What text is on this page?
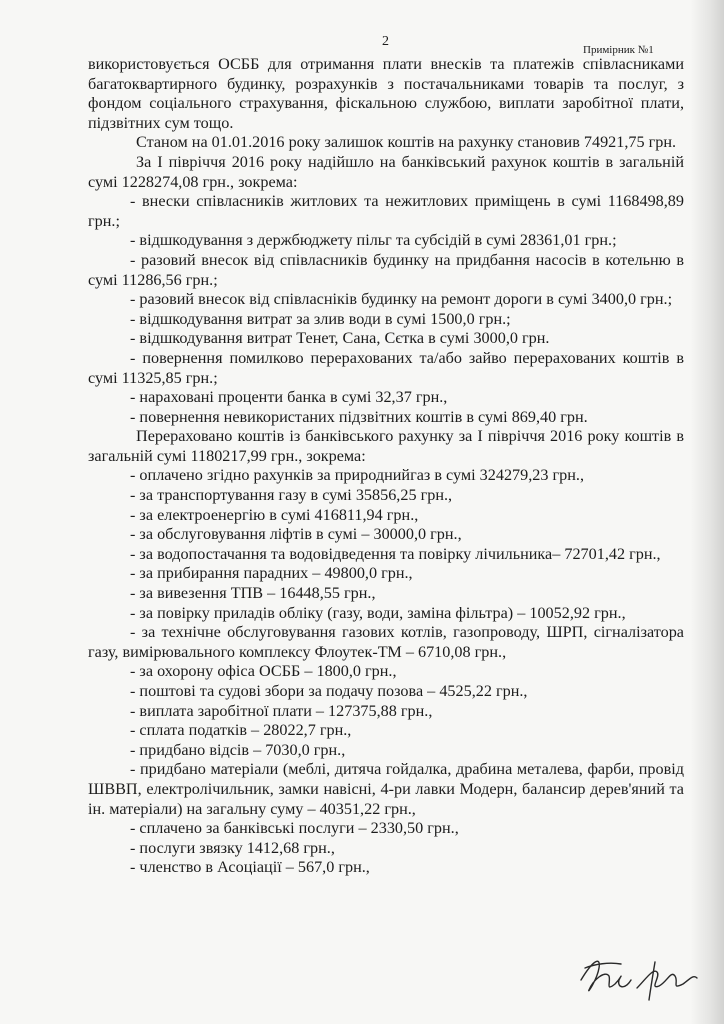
2
Примірник №1

використовується ОСББ для отримання плати внесків та платежів співласниками багатоквартирного будинку, розрахунків з постачальниками товарів та послуг, з фондом соціального страхування, фіскальною службою, виплати заробітної плати, підзвітних сум тощо.

Станом на 01.01.2016 року залишок коштів на рахунку становив 74921,75 грн.

За І півріччя 2016 року надійшло на банківський рахунок коштів в загальній сумі 1228274,08 грн., зокрема:

- внески співласників житлових та нежитлових приміщень в сумі 1168498,89 грн.;

- відшкодування з держбюджету пільг та субсідій в сумі 28361,01 грн.;

- разовий внесок від співласників будинку на придбання насосів в котельню в сумі 11286,56 грн.;

- разовий внесок від співласніків будинку на ремонт дороги в сумі 3400,0 грн.;

- відшкодування витрат за злив води в сумі 1500,0 грн.;

- відшкодування витрат Тенет, Сана, Сєтка в сумі 3000,0 грн.

- повернення помилково перерахованих та/або зайво перерахованих коштів в сумі 11325,85 грн.;

- нараховані проценти банка в сумі 32,37 грн.,

- повернення невикористаних підзвітних коштів в сумі 869,40 грн.

Перераховано коштів із банківського рахунку за І півріччя 2016 року коштів в загальній сумі 1180217,99 грн., зокрема:

- оплачено згідно рахунків за природнийгаз в сумі 324279,23 грн.,

- за транспортування газу в сумі 35856,25 грн.,

- за електроенергію в сумі 416811,94 грн.,

- за обслуговування ліфтів в сумі – 30000,0 грн.,

- за водопостачання та водовідведення та повірку лічильника– 72701,42 грн.,

- за прибирання парадних – 49800,0 грн.,

- за вивезення ТПВ – 16448,55 грн.,

- за повірку приладів обліку (газу, води, заміна фільтра) – 10052,92 грн.,

- за технічне обслуговування газових котлів, газопроводу, ШРП, сігналізатора газу, вимірювального комплексу Флоутек-ТМ – 6710,08 грн.,

- за охорону офіса ОСББ – 1800,0 грн.,

- поштові та судові збори за подачу позова – 4525,22 грн.,

- виплата заробітної плати – 127375,88 грн.,

- сплата податків – 28022,7 грн.,

- придбано відсів – 7030,0 грн.,

- придбано матеріали (меблі, дитяча гойдалка, драбина металева, фарби, провід ШВВП, електролічильник, замки навісні, 4-ри лавки Модерн, балансир дерев'яний та ін. матеріали) на загальну суму – 40351,22 грн.,

- сплачено за банківські послуги – 2330,50 грн.,

- послуги звязку 1412,68 грн.,

- членство в Асоціації – 567,0 грн.,
